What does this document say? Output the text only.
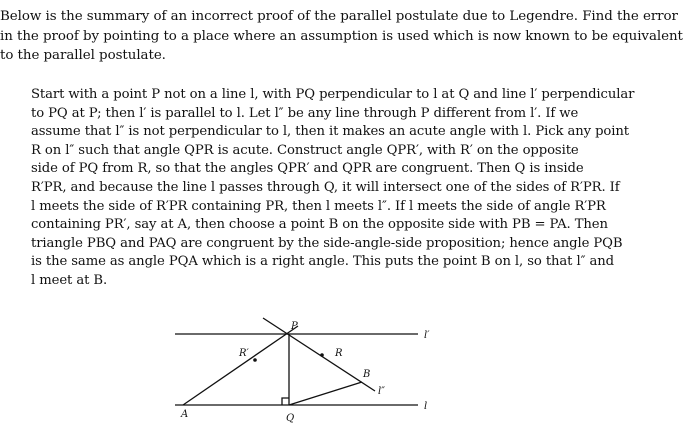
Below is the summary of an incorrect proof of the parallel postulate due to Legendre. Find the error
in the proof by pointing to a place where an assumption is used which is now known to be equivalent
to the parallel postulate.
Start with a point P not on a line l, with PQ perpendicular to l at Q and line l′ perpendicular
to PQ at P; then l′ is parallel to l. Let l″ be any line through P different from l′. If we
assume that l″ is not perpendicular to l, then it makes an acute angle with l. Pick any point
R on l″ such that angle QPR is acute. Construct angle QPR′, with R′ on the opposite
side of PQ from R, so that the angles QPR′ and QPR are congruent. Then Q is inside
R′PR, and because the line l passes through Q, it will intersect one of the sides of R′PR. If
l meets the side of R′PR containing PR, then l meets l″. If l meets the side of angle R′PR
containing PR′, say at A, then choose a point B on the opposite side with PB = PA. Then
triangle PBQ and PAQ are congruent by the side-angle-side proposition; hence angle PQB
is the same as angle PQA which is a right angle. This puts the point B on l, so that l″ and
l meet at B.
P
Q
R
R′
A
B
l
l′
l″
